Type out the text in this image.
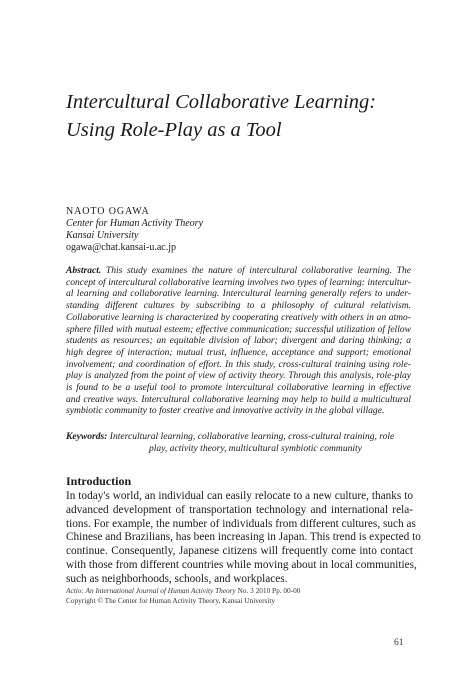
Intercultural Collaborative Learning:
Using Role-Play as a Tool
NAOTO OGAWA
Center for Human Activity Theory
Kansai University
ogawa@chat.kansai-u.ac.jp
Abstract. This study examines the nature of intercultural collaborative learning. The
concept of intercultural collaborative learning involves two types of learning: intercultur-
al learning and collaborative learning. Intercultural learning generally refers to under-
standing different cultures by subscribing to a philosophy of cultural relativism.
Collaborative learning is characterized by cooperating creatively with others in an atmo-
sphere filled with mutual esteem; effective communication; successful utilization of fellow
students as resources; an equitable division of labor; divergent and daring thinking; a
high degree of interaction; mutual trust, influence, acceptance and support; emotional
involvement; and coordination of effort. In this study, cross-cultural training using role-
play is analyzed from the point of view of activity theory. Through this analysis, role-play
is found to be a useful tool to promote intercultural collaborative learning in effective
and creative ways. Intercultural collaborative learning may help to build a multicultural
symbiotic community to foster creative and innovative activity in the global village.
Keywords: Intercultural learning, collaborative learning, cross-cultural training, role
play, activity theory, multicultural symbiotic community
Introduction
In today's world, an individual can easily relocate to a new culture, thanks to
advanced development of transportation technology and international rela-
tions. For example, the number of individuals from different cultures, such as
Chinese and Brazilians, has been increasing in Japan. This trend is expected to
continue. Consequently, Japanese citizens will frequently come into contact
with those from different countries while moving about in local communities,
such as neighborhoods, schools, and workplaces.
Actio: An International Journal of Human Activity Theory No. 3 2010 Pp. 00-00
Copyright © The Center for Human Activity Theory, Kansai University
61
